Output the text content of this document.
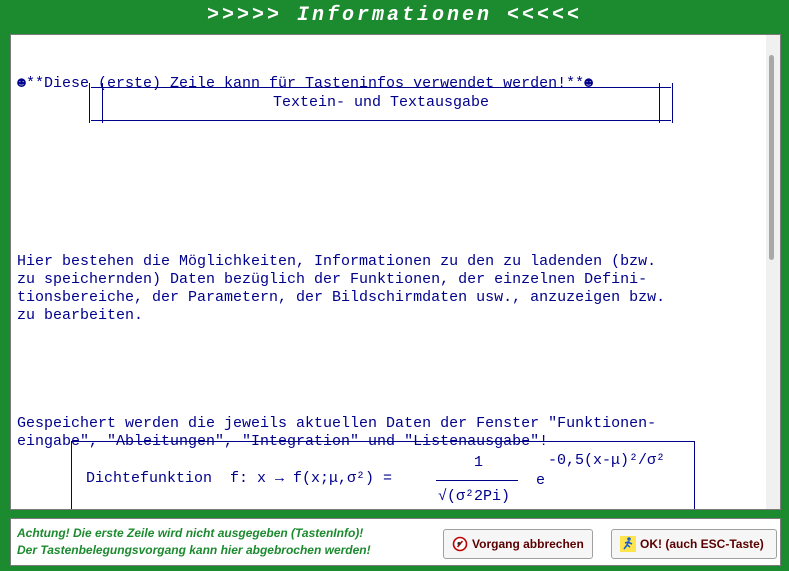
>>>>> Informationen <<<<<

☻**Diese (erste) Zeile kann für Tasteninfos verwendet werden!**☻

Hier bestehen die Möglichkeiten, Informationen zu den zu ladenden (bzw.
zu speichernden) Daten bezüglich der Funktionen, der einzelnen Defini-
tionsbereiche, der Parametern, der Bildschirmdaten usw., anzuzeigen bzw.
zu bearbeiten.

Gespeichert werden die jeweils aktuellen Daten der Fenster "Funktionen-
eingabe", "Ableitungen", "Integration" und "Listenausgabe"!

Textein- und Textausgabe
Dichtefunktion  f: x → f(x;μ,σ²) =
1
√(σ²2Pi)
e
-0,5(x-μ)²/σ²
Achtung! Die erste Zeile wird nicht ausgegeben (TastenInfo)!
Der Tastenbelegungsvorgang kann hier abgebrochen werden!	Vorgang abbrechen	OK! (auch ESC-Taste)
